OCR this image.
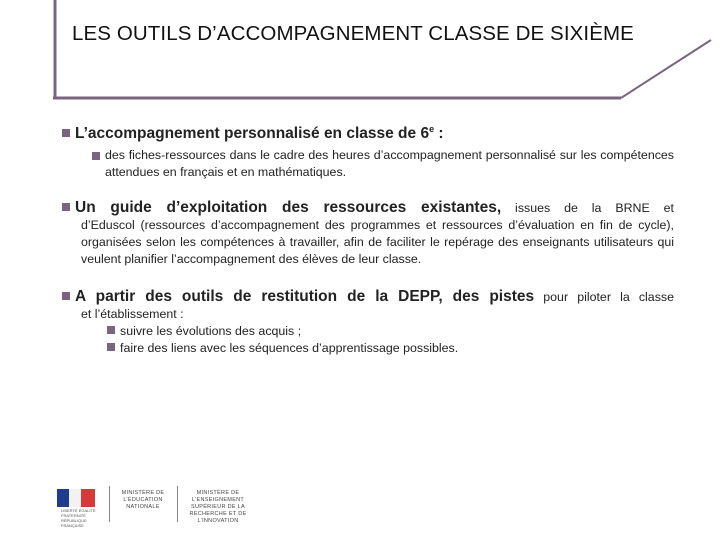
LES OUTILS D’ACCOMPAGNEMENT CLASSE DE SIXIÈME
L’accompagnement personnalisé en classe de 6e :
des fiches-ressources dans le cadre des heures d’accompagnement personnalisé sur les compétences attendues en français et en mathématiques.
Un guide d’exploitation des ressources existantes, issues de la BRNE et
d’Eduscol (ressources d’accompagnement des programmes et ressources d’évaluation en fin de cycle), organisées selon les compétences à travailler, afin de faciliter le repérage des enseignants utilisateurs qui veulent planifier l’accompagnement des élèves de leur classe.
A partir des outils de restitution de la DEPP, des pistes pour piloter la classe
et l’établissement :
suivre les évolutions des acquis ;
faire des liens avec les séquences d’apprentissage possibles.
LIBERTÉ ÉGALITÉ FRATERNITÉ RÉPUBLIQUE FRANÇAISE
MINISTÈRE DE L’ÉDUCATION NATIONALE
MINISTÈRE DE L’ENSEIGNEMENT SUPÉRIEUR DE LA RECHERCHE ET DE L’INNOVATION
